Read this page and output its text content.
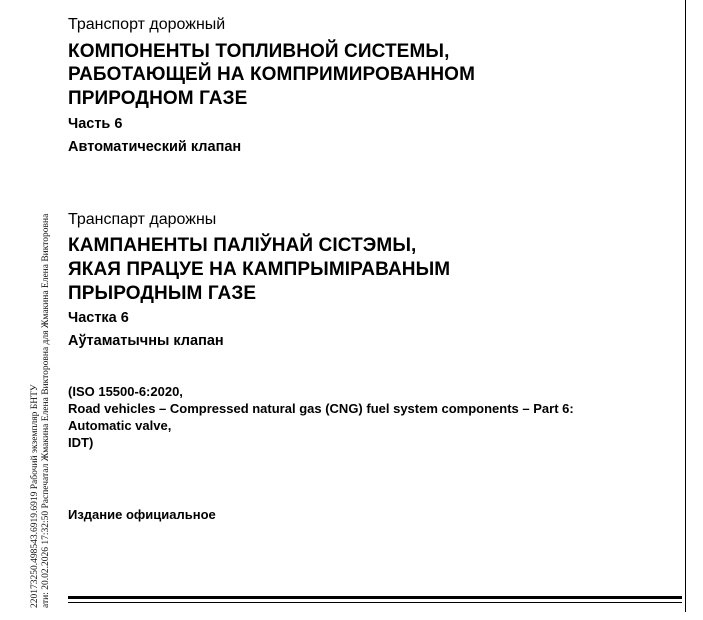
220173250.498543.6919.6919 Рабочий экземпляр БНТУ ати: 20.02.2026 17:32:50 Распечатал Жмакина Елена Викторовна для Жмакина Елена Викторовна
Транспорт дорожный
КОМПОНЕНТЫ ТОПЛИВНОЙ СИСТЕМЫ,
РАБОТАЮЩЕЙ НА КОМПРИМИРОВАННОМ
ПРИРОДНОМ ГАЗЕ
Часть 6
Автоматический клапан
Транспарт дарожны
КАМПАНЕНТЫ ПАЛІЎНАЙ СІСТЭМЫ,
ЯКАЯ ПРАЦУЕ НА КАМПРЫМІРАВАНЫМ
ПРЫРОДНЫМ ГАЗЕ
Частка 6
Аўтаматычны клапан
(ISO 15500-6:2020,
Road vehicles – Compressed natural gas (CNG) fuel system components – Part 6:
Automatic valve,
IDT)
Издание официальное
